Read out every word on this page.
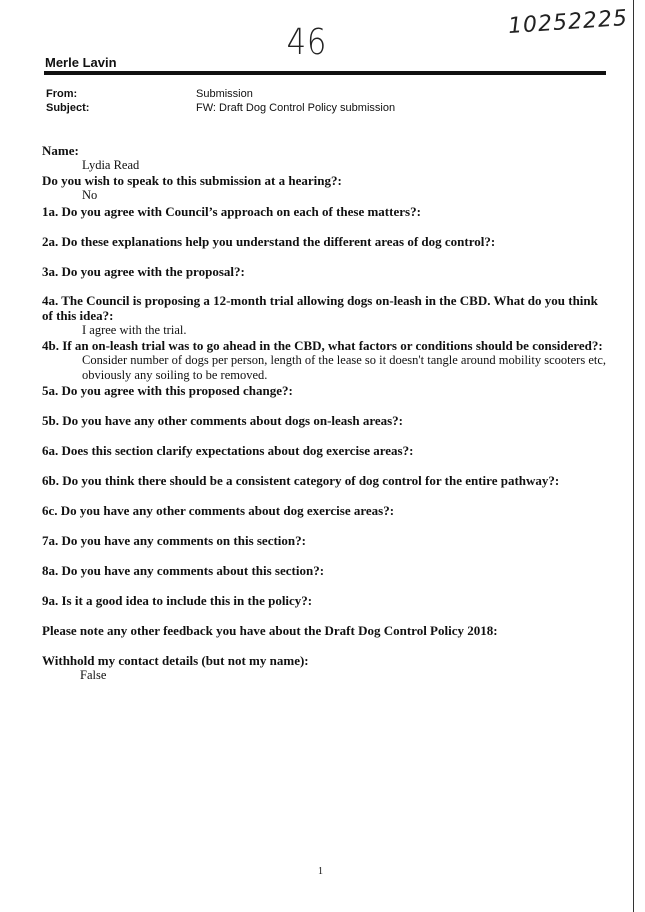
46	10252225
Merle Lavin
From:	Submission
Subject:	FW: Draft Dog Control Policy submission
Name:
Lydia Read
Do you wish to speak to this submission at a hearing?:
No
1a. Do you agree with Council’s approach on each of these matters?:
2a. Do these explanations help you understand the different areas of dog control?:
3a. Do you agree with the proposal?:
4a. The Council is proposing a 12-month trial allowing dogs on-leash in the CBD. What do you think of this idea?:
I agree with the trial.
4b. If an on-leash trial was to go ahead in the CBD, what factors or conditions should be considered?:
Consider number of dogs per person, length of the lease so it doesn't tangle around mobility scooters etc, obviously any soiling to be removed.
5a. Do you agree with this proposed change?:
5b. Do you have any other comments about dogs on-leash areas?:
6a. Does this section clarify expectations about dog exercise areas?:
6b. Do you think there should be a consistent category of dog control for the entire pathway?:
6c. Do you have any other comments about dog exercise areas?:
7a. Do you have any comments on this section?:
8a. Do you have any comments about this section?:
9a. Is it a good idea to include this in the policy?:
Please note any other feedback you have about the Draft Dog Control Policy 2018:
Withhold my contact details (but not my name):
False
1
